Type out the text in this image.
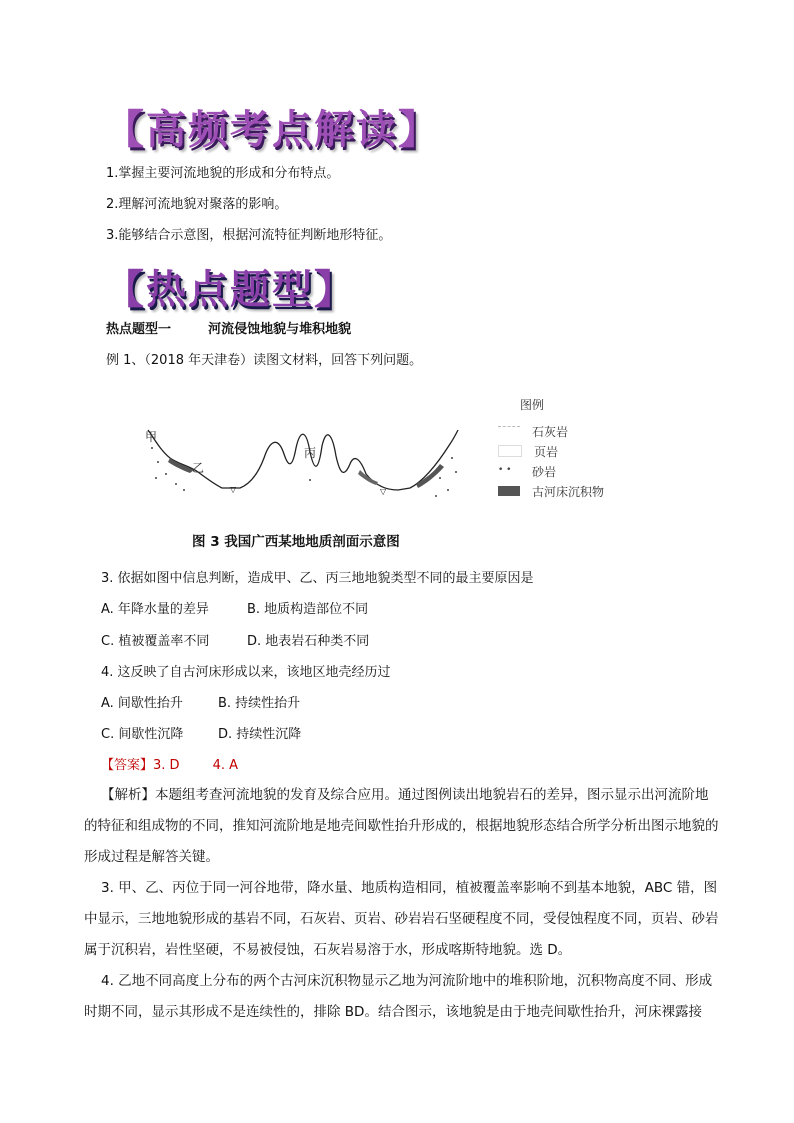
【高频考点解读】
1.掌握主要河流地貌的形成和分布特点。
2.理解河流地貌对聚落的影响。
3.能够结合示意图，根据河流特征判断地形特征。
【热点题型】
热点题型一	河流侵蚀地貌与堆积地貌
例 1、（2018 年天津卷）读图文材料，回答下列问题。
▽	▽
甲
乙
丙
图例
石灰岩
页岩
• •	砂岩
古河床沉积物
图 3 我国广西某地地质剖面示意图
3. 依据如图中信息判断，造成甲、乙、丙三地地貌类型不同的最主要原因是
A. 年降水量的差异	B. 地质构造部位不同
C. 植被覆盖率不同	D. 地表岩石种类不同
4. 这反映了自古河床形成以来，该地区地壳经历过
A. 间歇性抬升	B. 持续性抬升
C. 间歇性沉降	D. 持续性沉降
【答案】3. D        4. A
【解析】本题组考查河流地貌的发育及综合应用。通过图例读出地貌岩石的差异，图示显示出河流阶地的特征和组成物的不同，推知河流阶地是地壳间歇性抬升形成的，根据地貌形态结合所学分析出图示地貌的形成过程是解答关键。
3. 甲、乙、丙位于同一河谷地带，降水量、地质构造相同，植被覆盖率影响不到基本地貌，ABC 错，图中显示，三地地貌形成的基岩不同，石灰岩、页岩、砂岩岩石坚硬程度不同，受侵蚀程度不同，页岩、砂岩属于沉积岩，岩性坚硬，不易被侵蚀，石灰岩易溶于水，形成喀斯特地貌。选 D。
4. 乙地不同高度上分布的两个古河床沉积物显示乙地为河流阶地中的堆积阶地，沉积物高度不同、形成时期不同，显示其形成不是连续性的，排除 BD。结合图示，该地貌是由于地壳间歇性抬升，河床裸露接
